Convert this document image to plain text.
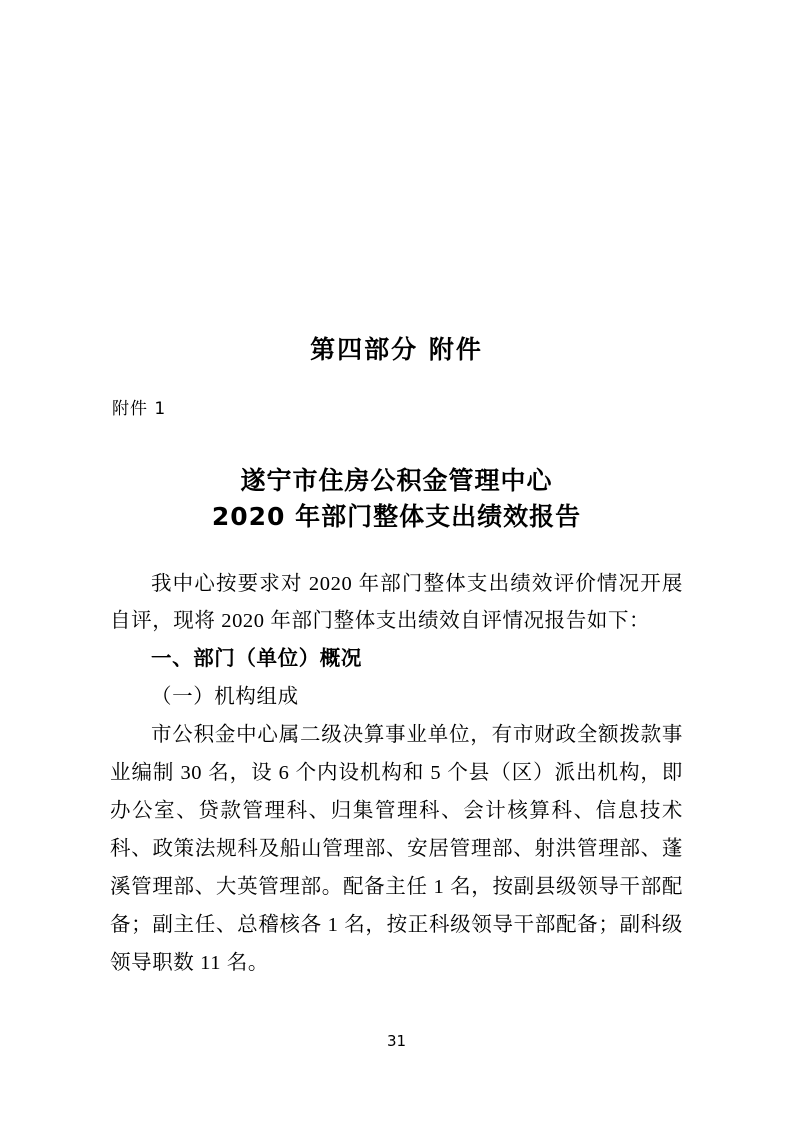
第四部分 附件
附件 1
遂宁市住房公积金管理中心
2020 年部门整体支出绩效报告

我中心按要求对 2020 年部门整体支出绩效评价情况开展自评，现将 2020 年部门整体支出绩效自评情况报告如下：

一、部门（单位）概况

（一）机构组成

市公积金中心属二级决算事业单位，有市财政全额拨款事业编制 30 名，设 6 个内设机构和 5 个县（区）派出机构，即办公室、贷款管理科、归集管理科、会计核算科、信息技术科、政策法规科及船山管理部、安居管理部、射洪管理部、蓬溪管理部、大英管理部。配备主任 1 名，按副县级领导干部配备；副主任、总稽核各 1 名，按正科级领导干部配备；副科级领导职数 11 名。

31
